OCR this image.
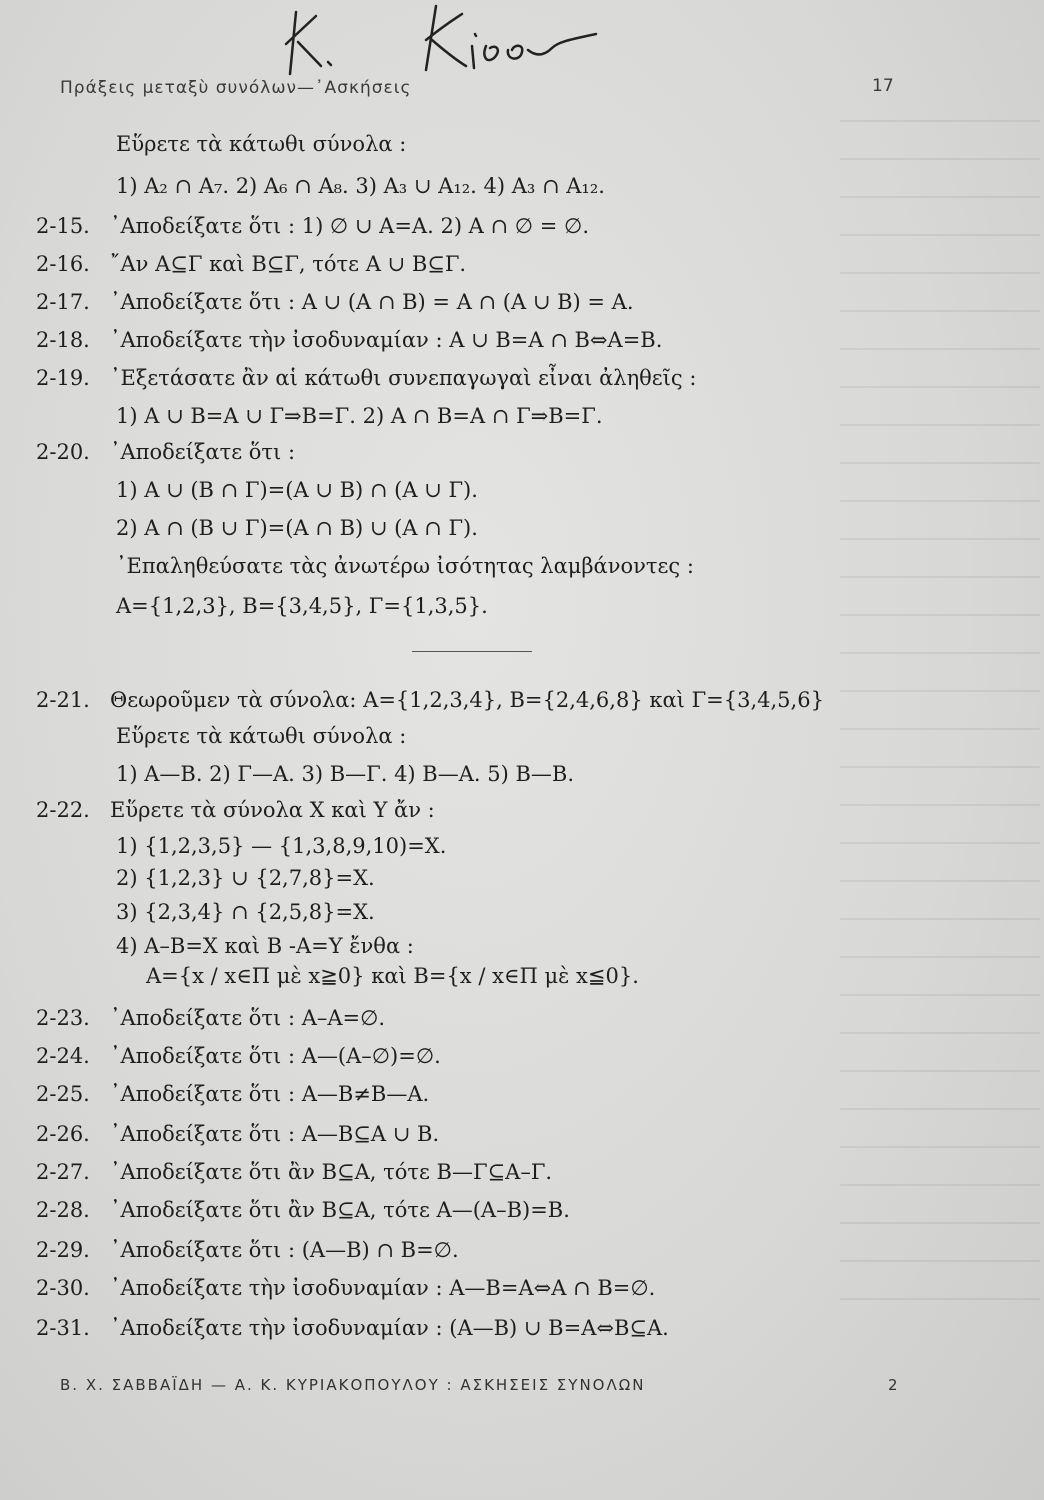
Πράξεις μεταξὺ συνόλων—᾿Ασκήσεις	17
Εὕρετε τὰ κάτωθι σύνολα :
1) A₂ ∩ A₇. 2) A₆ ∩ A₈. 3) A₃ ∪ A₁₂. 4) A₃ ∩ A₁₂.
2-15. ᾿Αποδείξατε ὅτι : 1) ∅ ∪ A=A. 2) A ∩ ∅ = ∅.
2-16. ῎Αν A⊆Γ καὶ B⊆Γ, τότε A ∪ B⊆Γ.
2-17. ᾿Αποδείξατε ὅτι : A ∪ (A ∩ B) = A ∩ (A ∪ B) = A.
2-18. ᾿Αποδείξατε τὴν ἰσοδυναμίαν : A ∪ B=A ∩ B⇔A=B.
2-19. ᾿Εξετάσατε ἂν αἱ κάτωθι συνεπαγωγαὶ εἶναι ἀληθεῖς :
1) A ∪ B=A ∪ Γ⇒B=Γ. 2) A ∩ B=A ∩ Γ⇒B=Γ.
2-20. ᾿Αποδείξατε ὅτι :
1) A ∪ (B ∩ Γ)=(A ∪ B) ∩ (A ∪ Γ).
2) A ∩ (B ∪ Γ)=(A ∩ B) ∪ (A ∩ Γ).
᾿Επαληθεύσατε τὰς ἀνωτέρω ἰσότητας λαμβάνοντες :
A={1,2,3}, B={3,4,5}, Γ={1,3,5}.
2-21. Θεωροῦμεν τὰ σύνολα: A={1,2,3,4}, B={2,4,6,8} καὶ Γ={3,4,5,6}
Εὕρετε τὰ κάτωθι σύνολα :
1) A—B. 2) Γ—A. 3) B—Γ. 4) B—A. 5) B—B.
2-22. Εὕρετε τὰ σύνολα X καὶ Y ἄν :
1) {1,2,3,5} — {1,3,8,9,10)=X.
2) {1,2,3} ∪ {2,7,8}=X.
3) {2,3,4} ∩ {2,5,8}=X.
4) A–B=X καὶ B -A=Y ἔνθα :
A={x / x∈Π μὲ x≧0} καὶ B={x / x∈Π μὲ x≦0}.
2-23. ᾿Αποδείξατε ὅτι : A–A=∅.
2-24. ᾿Αποδείξατε ὅτι : A—(A–∅)=∅.
2-25. ᾿Αποδείξατε ὅτι : A—B≠B—A.
2-26. ᾿Αποδείξατε ὅτι : A—B⊆A ∪ B.
2-27. ᾿Αποδείξατε ὅτι ἂν B⊆A, τότε B—Γ⊆A–Γ.
2-28. ᾿Αποδείξατε ὅτι ἂν B⊆A, τότε A—(A–B)=B.
2-29. ᾿Αποδείξατε ὅτι : (A—B) ∩ B=∅.
2-30. ᾿Αποδείξατε τὴν ἰσοδυναμίαν : A—B=A⇔A ∩ B=∅.
2-31. ᾿Αποδείξατε τὴν ἰσοδυναμίαν : (A—B) ∪ B=A⇔B⊆A.
Β. Χ. ΣΑΒΒΑΪΔΗ — Α. Κ. ΚΥΡΙΑΚΟΠΟΥΛΟΥ : ΑΣΚΗΣΕΙΣ ΣΥΝΟΛΩΝ	2
